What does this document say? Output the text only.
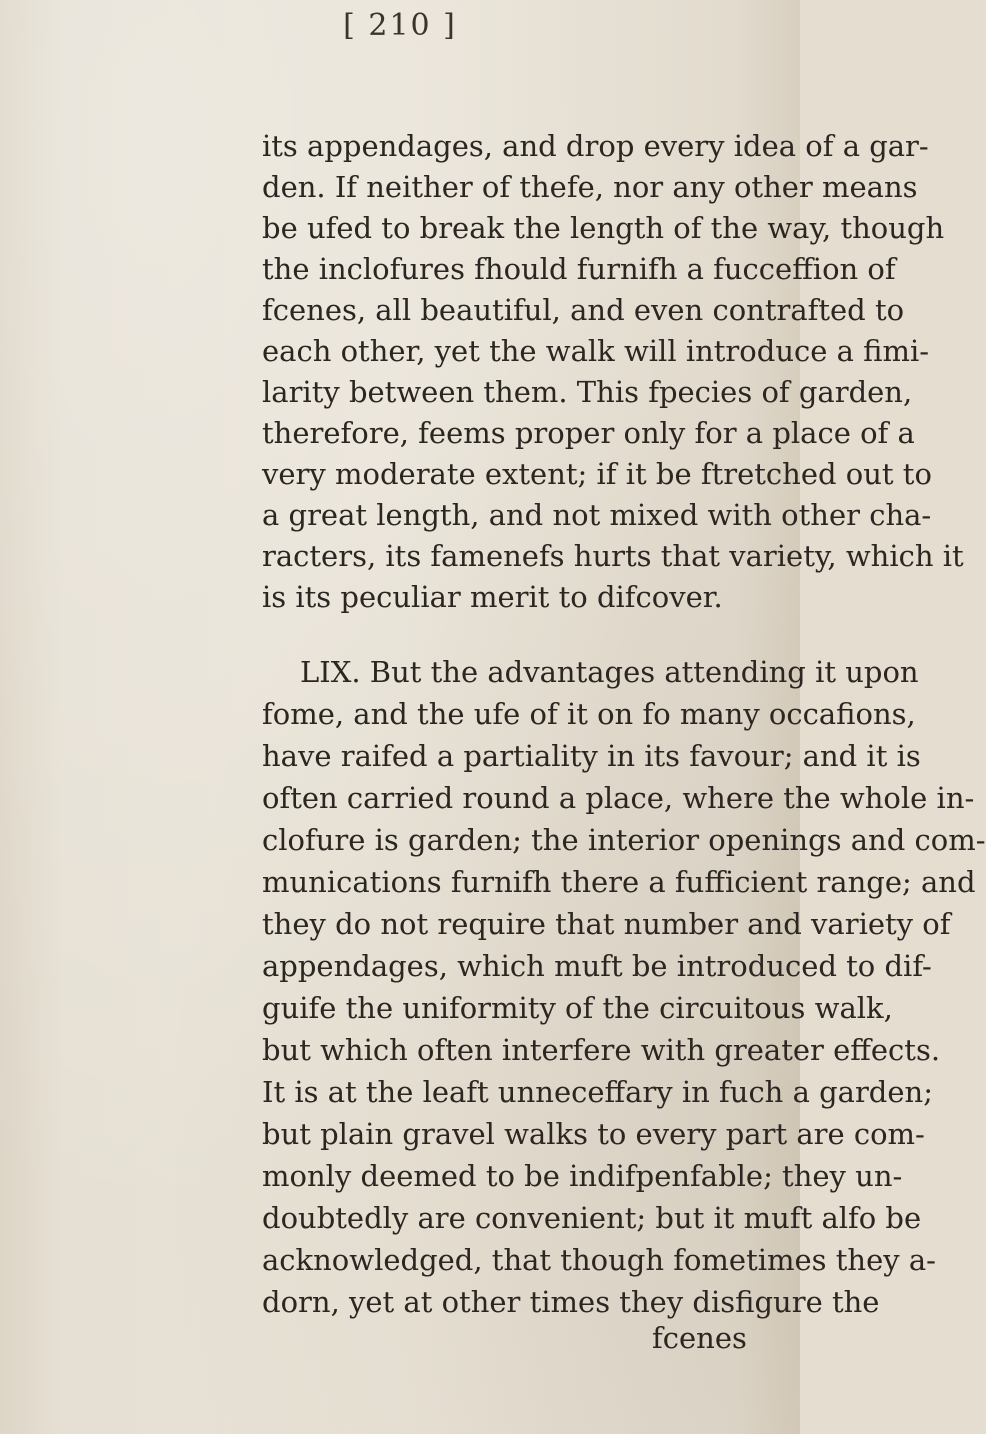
[ 210 ]
its appendages, and drop every idea of a gar-
den. If neither of thefe, nor any other means
be ufed to break the length of the way, though
the inclofures fhould furnifh a fucceffion of
fcenes, all beautiful, and even contrafted to
each other, yet the walk will introduce a fimi-
larity between them. This fpecies of garden,
therefore, feems proper only for a place of a
very moderate extent; if it be ftretched out to
a great length, and not mixed with other cha-
racters, its famenefs hurts that variety, which it
is its peculiar merit to difcover.
LIX. But the advantages attending it upon
fome, and the ufe of it on fo many occafions,
have raifed a partiality in its favour; and it is
often carried round a place, where the whole in-
clofure is garden; the interior openings and com-
munications furnifh there a fufficient range; and
they do not require that number and variety of
appendages, which muft be introduced to dif-
guife the uniformity of the circuitous walk,
but which often interfere with greater effects.
It is at the leaft unneceffary in fuch a garden;
but plain gravel walks to every part are com-
monly deemed to be indifpenfable; they un-
doubtedly are convenient; but it muft alfo be
acknowledged, that though fometimes they a-
dorn, yet at other times they disfigure the
fcenes
